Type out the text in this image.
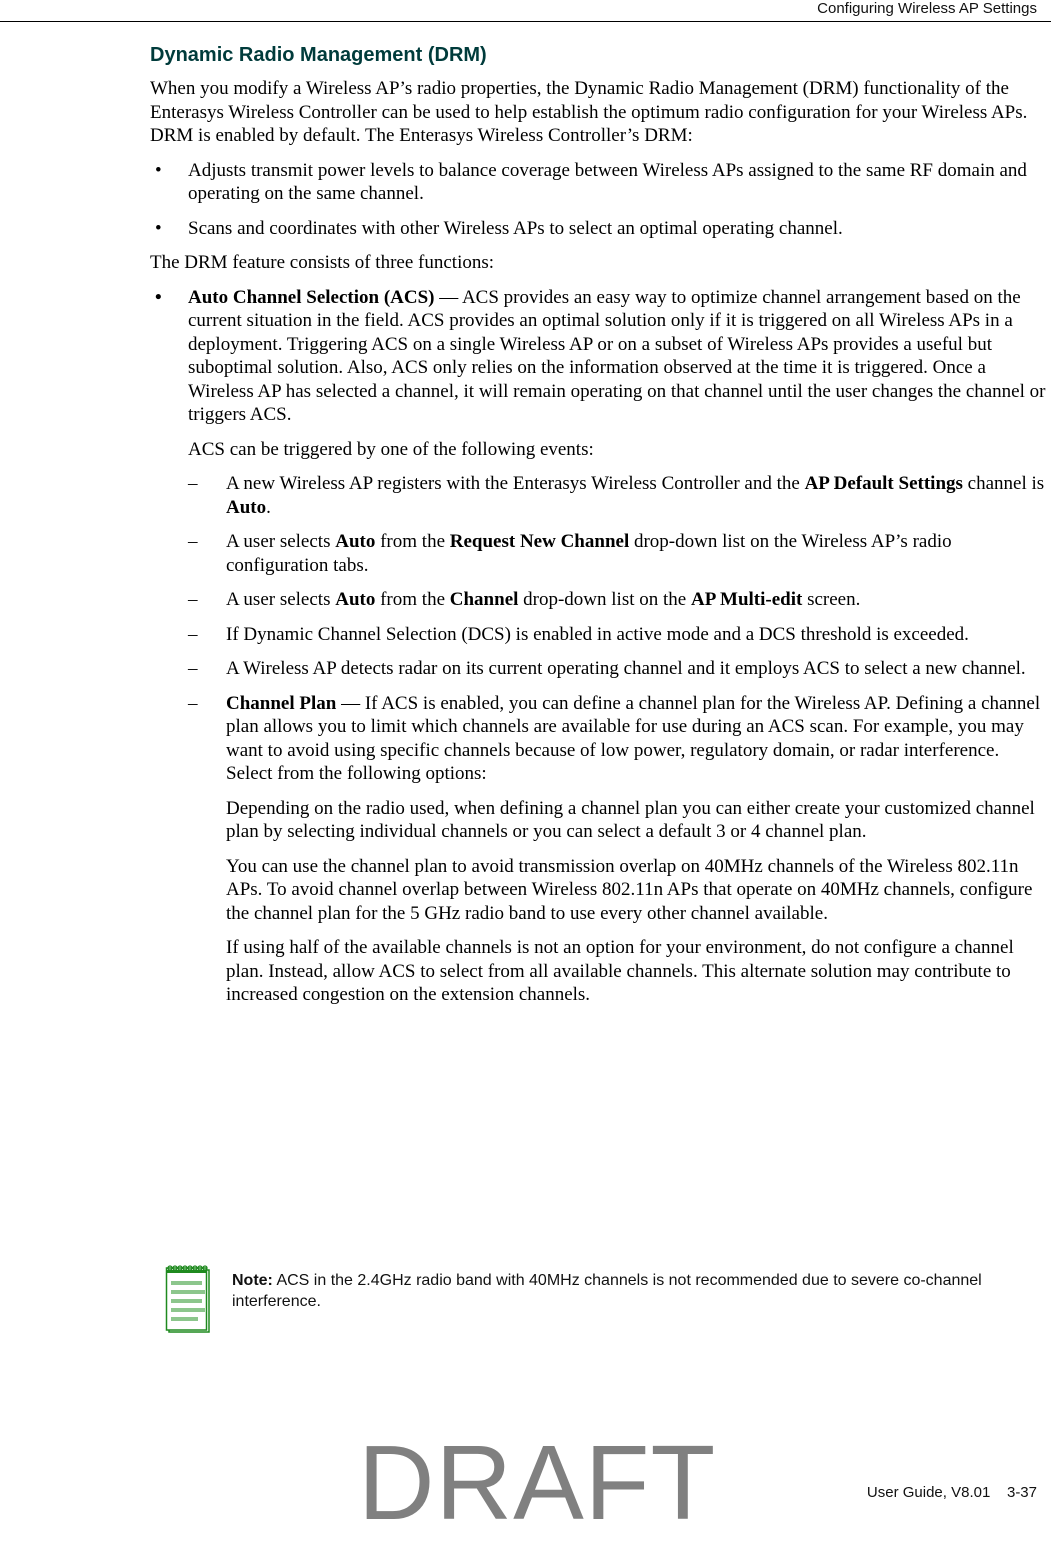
Configuring Wireless AP Settings
Dynamic Radio Management (DRM)

When you modify a Wireless AP’s radio properties, the Dynamic Radio Management (DRM) functionality of the Enterasys Wireless Controller can be used to help establish the optimum radio configuration for your Wireless APs. DRM is enabled by default. The Enterasys Wireless Controller’s DRM:

• Adjusts transmit power levels to balance coverage between Wireless APs assigned to the same RF domain and operating on the same channel.
• Scans and coordinates with other Wireless APs to select an optimal operating channel.

The DRM feature consists of three functions:

• Auto Channel Selection (ACS) — ACS provides an easy way to optimize channel arrangement based on the current situation in the field. ACS provides an optimal solution only if it is triggered on all Wireless APs in a deployment. Triggering ACS on a single Wireless AP or on a subset of Wireless APs provides a useful but suboptimal solution. Also, ACS only relies on the information observed at the time it is triggered. Once a Wireless AP has selected a channel, it will remain operating on that channel until the user changes the channel or triggers ACS.

ACS can be triggered by one of the following events:

– A new Wireless AP registers with the Enterasys Wireless Controller and the AP Default Settings channel is Auto.
– A user selects Auto from the Request New Channel drop-down list on the Wireless AP’s radio configuration tabs.
– A user selects Auto from the Channel drop-down list on the AP Multi-edit screen.
– If Dynamic Channel Selection (DCS) is enabled in active mode and a DCS threshold is exceeded.
– A Wireless AP detects radar on its current operating channel and it employs ACS to select a new channel.
– Channel Plan — If ACS is enabled, you can define a channel plan for the Wireless AP. Defining a channel plan allows you to limit which channels are available for use during an ACS scan. For example, you may want to avoid using specific channels because of low power, regulatory domain, or radar interference. Select from the following options:

Depending on the radio used, when defining a channel plan you can either create your customized channel plan by selecting individual channels or you can select a default 3 or 4 channel plan.

You can use the channel plan to avoid transmission overlap on 40MHz channels of the Wireless 802.11n APs. To avoid channel overlap between Wireless 802.11n APs that operate on 40MHz channels, configure the channel plan for the 5 GHz radio band to use every other channel available.

If using half of the available channels is not an option for your environment, do not configure a channel plan. Instead, allow ACS to select from all available channels. This alternate solution may contribute to increased congestion on the extension channels.

Note: ACS in the 2.4GHz radio band with 40MHz channels is not recommended due to severe co-channel interference.
DRAFT	User Guide, V8.01    3-37
